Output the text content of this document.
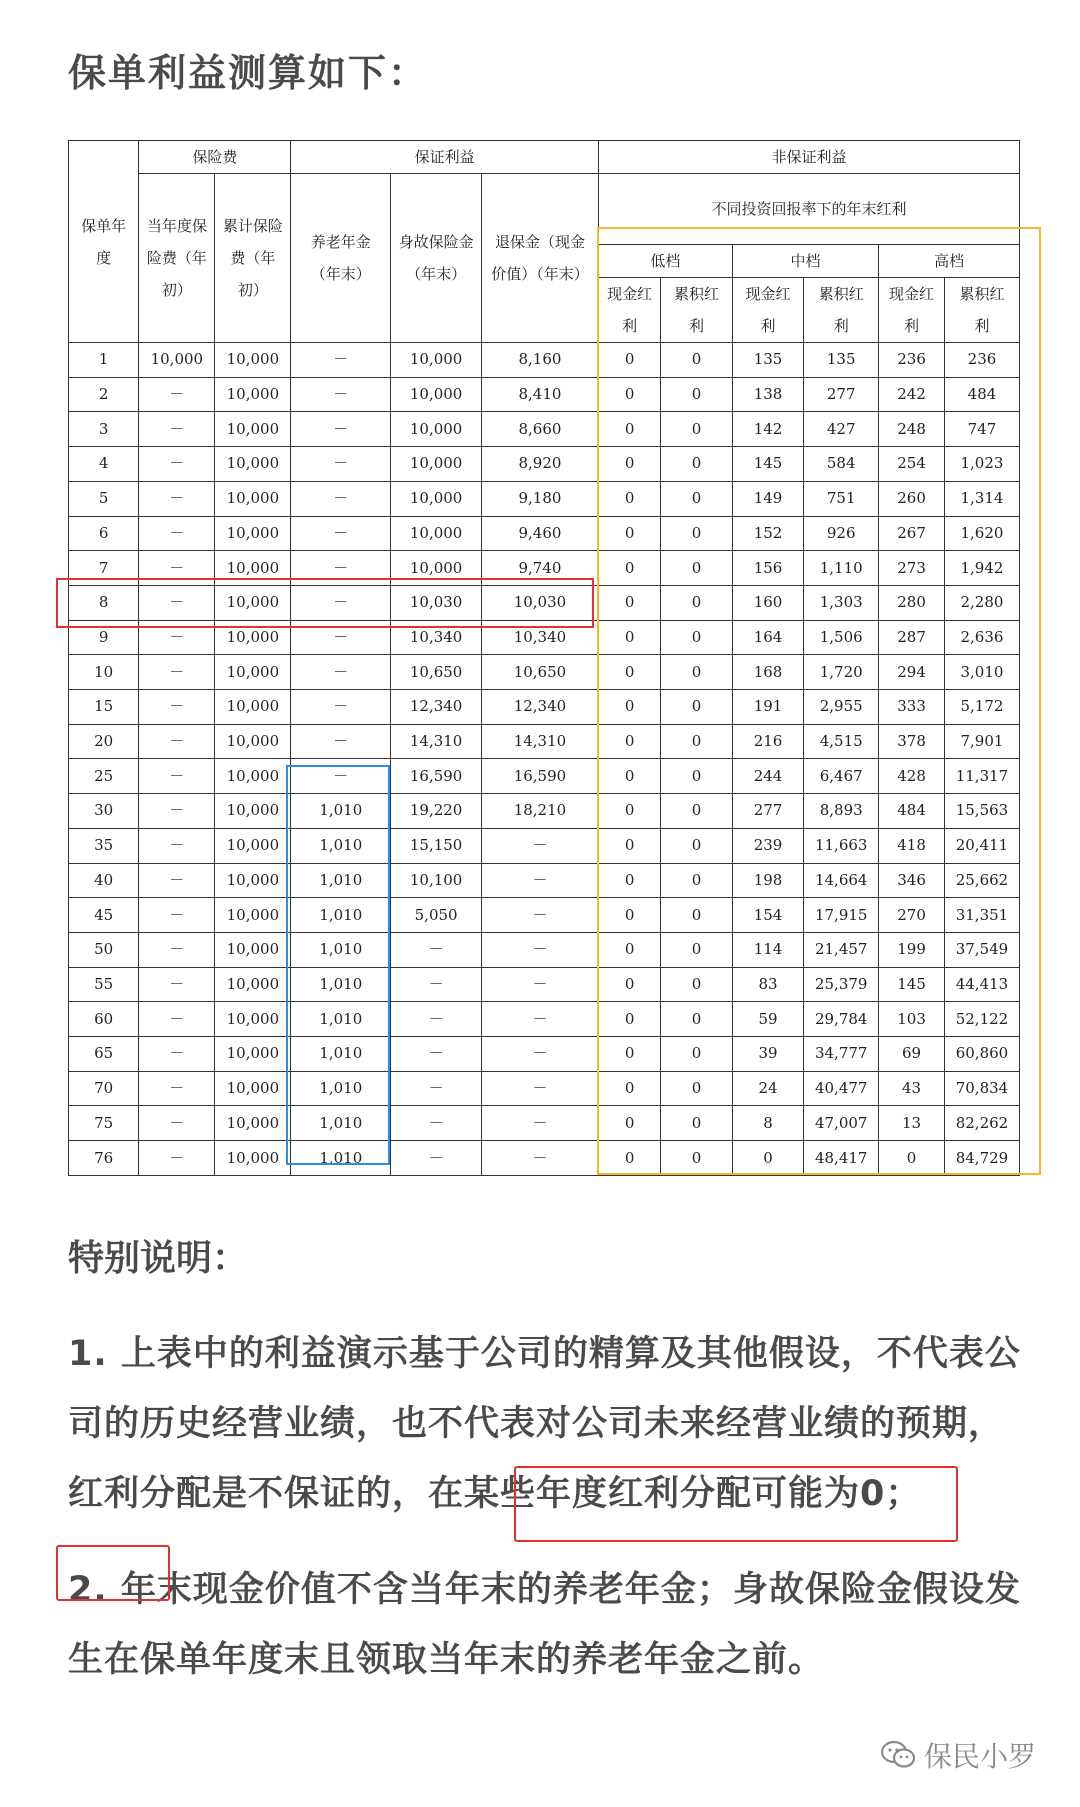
保单利益测算如下：
保单年度	保险费		保证利益			非保证利益					
	当年度保险费（年初）	累计保险费（年初）	养老年金（年末）	身故保险金（年末）	退保金（现金价值）（年末）	不同投资回报率下的年末红利					
						低档		中档		高档	
						现金红利	累积红利	现金红利	累积红利	现金红利	累积红利
1	10,000	10,000	－	10,000	8,160	0	0	135	135	236	236
2	－	10,000	－	10,000	8,410	0	0	138	277	242	484
3	－	10,000	－	10,000	8,660	0	0	142	427	248	747
4	－	10,000	－	10,000	8,920	0	0	145	584	254	1,023
5	－	10,000	－	10,000	9,180	0	0	149	751	260	1,314
6	－	10,000	－	10,000	9,460	0	0	152	926	267	1,620
7	－	10,000	－	10,000	9,740	0	0	156	1,110	273	1,942
8	－	10,000	－	10,030	10,030	0	0	160	1,303	280	2,280
9	－	10,000	－	10,340	10,340	0	0	164	1,506	287	2,636
10	－	10,000	－	10,650	10,650	0	0	168	1,720	294	3,010
15	－	10,000	－	12,340	12,340	0	0	191	2,955	333	5,172
20	－	10,000	－	14,310	14,310	0	0	216	4,515	378	7,901
25	－	10,000	－	16,590	16,590	0	0	244	6,467	428	11,317
30	－	10,000	1,010	19,220	18,210	0	0	277	8,893	484	15,563
35	－	10,000	1,010	15,150	－	0	0	239	11,663	418	20,411
40	－	10,000	1,010	10,100	－	0	0	198	14,664	346	25,662
45	－	10,000	1,010	5,050	－	0	0	154	17,915	270	31,351
50	－	10,000	1,010	－	－	0	0	114	21,457	199	37,549
55	－	10,000	1,010	－	－	0	0	83	25,379	145	44,413
60	－	10,000	1,010	－	－	0	0	59	29,784	103	52,122
65	－	10,000	1,010	－	－	0	0	39	34,777	69	60,860
70	－	10,000	1,010	－	－	0	0	24	40,477	43	70,834
75	－	10,000	1,010	－	－	0	0	8	47,007	13	82,262
76	－	10,000	1,010	－	－	0	0	0	48,417	0	84,729
特别说明：
1. 上表中的利益演示基于公司的精算及其他假设，不代表公司的历史经营业绩，也不代表对公司未来经营业绩的预期，红利分配是不保证的，在某些年度红利分配可能为0；
2. 年末现金价值不含当年末的养老年金；身故保险金假设发生在保单年度末且领取当年末的养老年金之前。
保民小罗
